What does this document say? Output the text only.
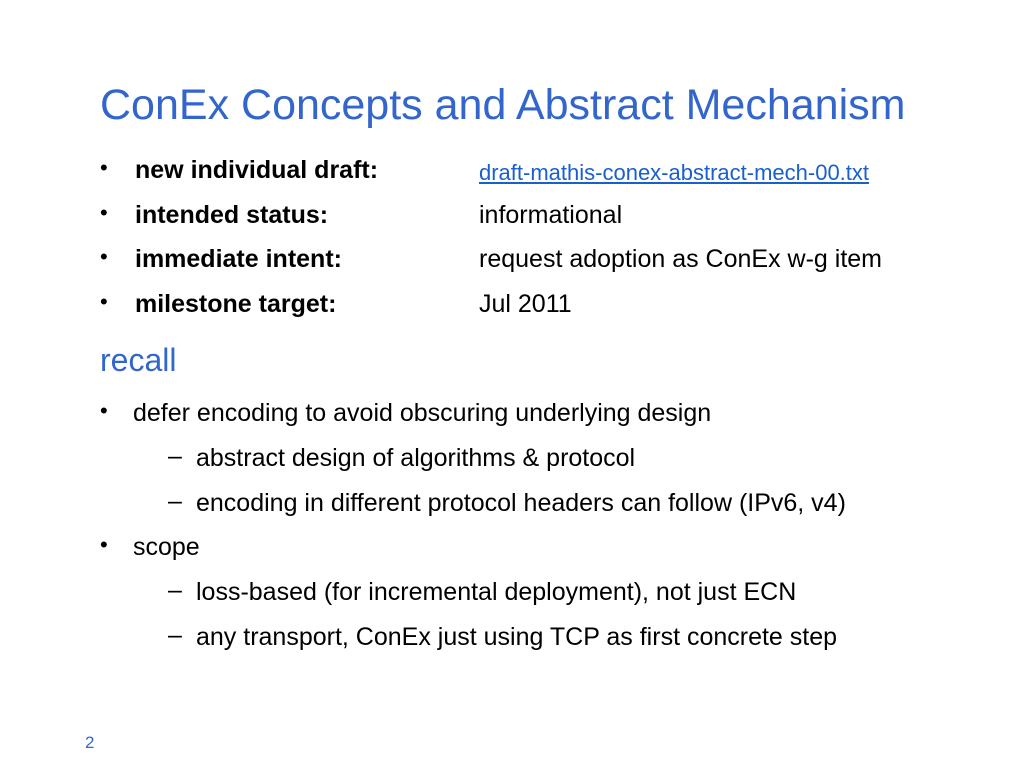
ConEx Concepts and Abstract Mechanism
• new individual draft:	draft-mathis-conex-abstract-mech-00.txt
• intended status:	informational
• immediate intent:	request adoption as ConEx w-g item
• milestone target:	Jul 2011
recall
• defer encoding to avoid obscuring underlying design
– abstract design of algorithms & protocol
– encoding in different protocol headers can follow (IPv6, v4)
• scope
– loss-based (for incremental deployment), not just ECN
– any transport, ConEx just using TCP as first concrete step
2
